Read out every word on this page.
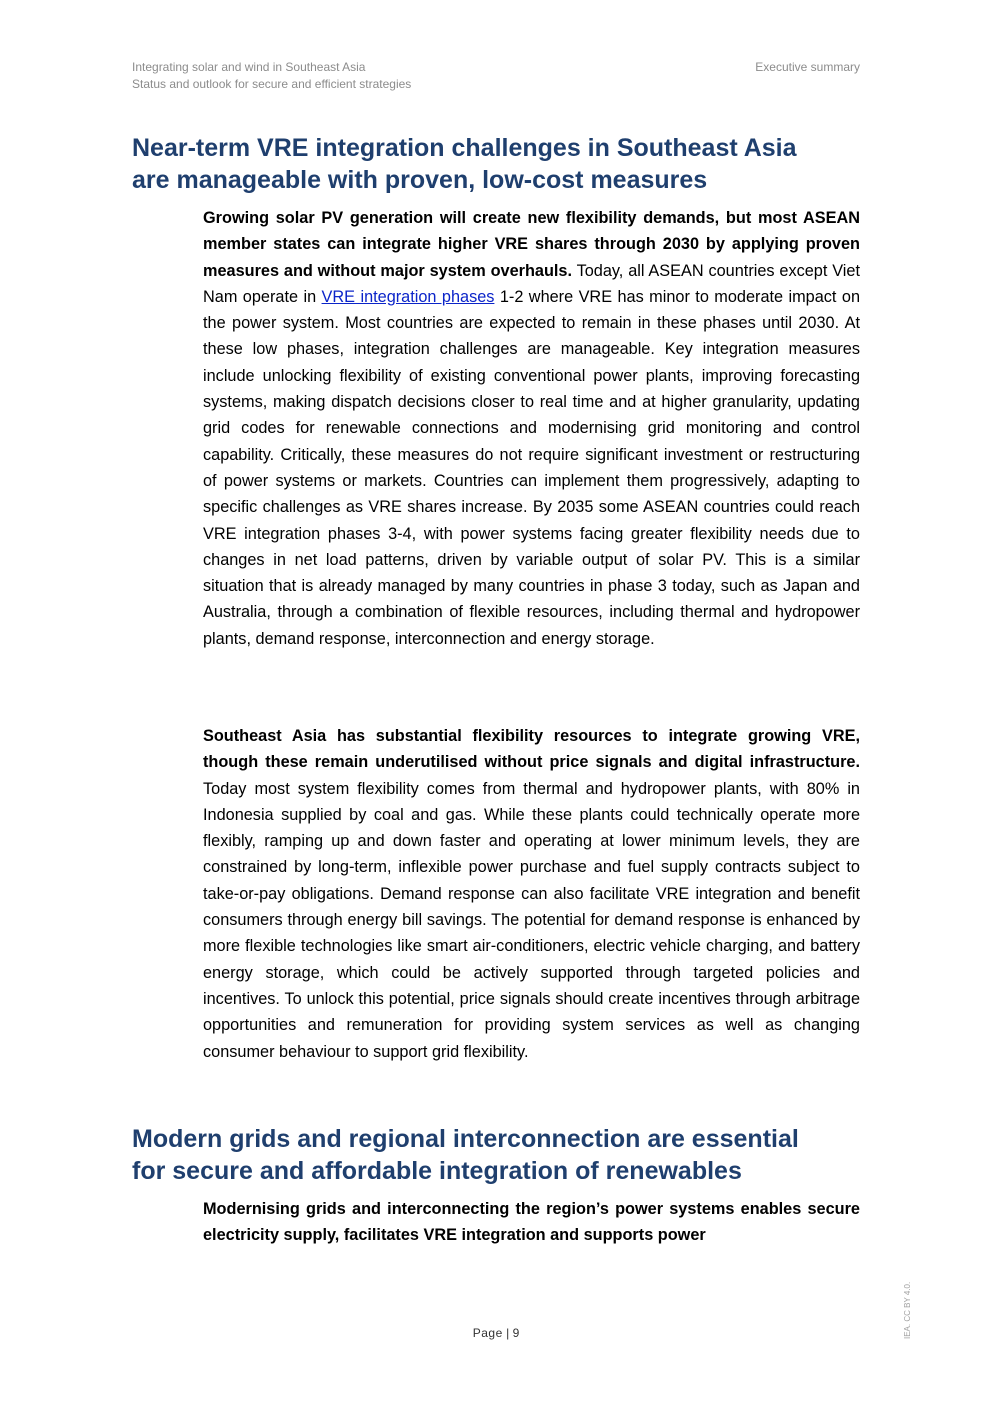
Integrating solar and wind in Southeast Asia
Status and outlook for secure and efficient strategies
Executive summary
Near-term VRE integration challenges in Southeast Asia
are manageable with proven, low-cost measures

Growing solar PV generation will create new flexibility demands, but most ASEAN member states can integrate higher VRE shares through 2030 by applying proven measures and without major system overhauls. Today, all ASEAN countries except Viet Nam operate in VRE integration phases 1-2 where VRE has minor to moderate impact on the power system. Most countries are expected to remain in these phases until 2030. At these low phases, integration challenges are manageable. Key integration measures include unlocking flexibility of existing conventional power plants, improving forecasting systems, making dispatch decisions closer to real time and at higher granularity, updating grid codes for renewable connections and modernising grid monitoring and control capability. Critically, these measures do not require significant investment or restructuring of power systems or markets. Countries can implement them progressively, adapting to specific challenges as VRE shares increase. By 2035 some ASEAN countries could reach VRE integration phases 3-4, with power systems facing greater flexibility needs due to changes in net load patterns, driven by variable output of solar PV. This is a similar situation that is already managed by many countries in phase 3 today, such as Japan and Australia, through a combination of flexible resources, including thermal and hydropower plants, demand response, interconnection and energy storage.

Southeast Asia has substantial flexibility resources to integrate growing VRE, though these remain underutilised without price signals and digital infrastructure. Today most system flexibility comes from thermal and hydropower plants, with 80% in Indonesia supplied by coal and gas. While these plants could technically operate more flexibly, ramping up and down faster and operating at lower minimum levels, they are constrained by long-term, inflexible power purchase and fuel supply contracts subject to take-or-pay obligations. Demand response can also facilitate VRE integration and benefit consumers through energy bill savings. The potential for demand response is enhanced by more flexible technologies like smart air-conditioners, electric vehicle charging, and battery energy storage, which could be actively supported through targeted policies and incentives. To unlock this potential, price signals should create incentives through arbitrage opportunities and remuneration for providing system services as well as changing consumer behaviour to support grid flexibility.

Modern grids and regional interconnection are essential
for secure and affordable integration of renewables

Modernising grids and interconnecting the region’s power systems enables secure electricity supply, facilitates VRE integration and supports power

Page | 9	IEA. CC BY 4.0.
